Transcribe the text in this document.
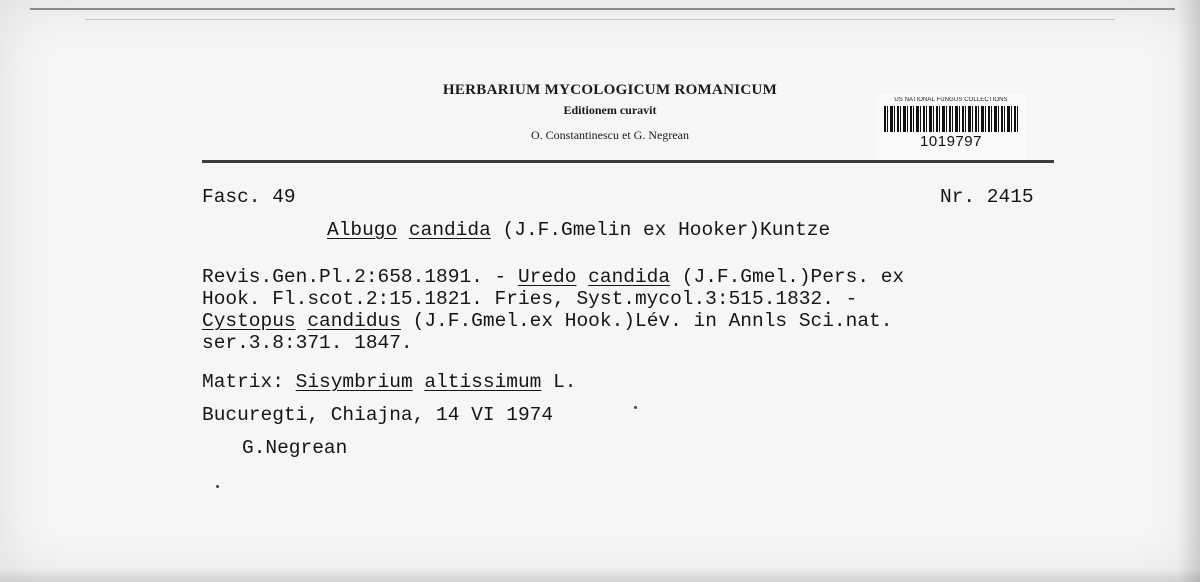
HERBARIUM MYCOLOGICUM ROMANICUM
Editionem curavit
O. Constantinescu et G. Negrean
US NATIONAL FUNGUS COLLECTIONS
1019797
Fasc. 49	Nr. 2415
Albugo candida (J.F.Gmelin ex Hooker)Kuntze
Revis.Gen.Pl.2:658.1891. - Uredo candida (J.F.Gmel.)Pers. ex
Hook. Fl.scot.2:15.1821. Fries, Syst.mycol.3:515.1832. -
Cystopus candidus (J.F.Gmel.ex Hook.)Lév. in Annls Sci.nat.
ser.3.8:371. 1847.
Matrix: Sisymbrium altissimum L.
Bucuregti, Chiajna, 14 VI 1974
G.Negrean
